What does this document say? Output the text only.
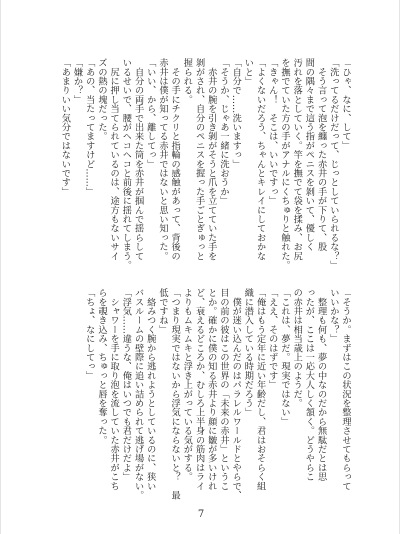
「ひゃ、なに、して」
「洗ってるだけだって、じっとしていられるな？」
　そう言って泡を纏った赤井の手が下りて、股
間の隅々まで這う指がペニスを剝いて、優しく
汚れを落としていく。竿を撫でて袋を揉み、お尻
を撫でていた方の手がアナルにくちゅりと触れた。
「きゃん！　そこは、いいですっ」
「よくないだろう、ちゃんとキレイにしておかな
いと」
「自分で……洗いますっ」
「そうか、じゃあ一緒に洗おうか」
　赤井の腕を引き剝がそうと爪を立てていた手を
剝がされ、自分のペニスを握った手ごとぎゅっと
握られる。
　その手にチクリと指輪の感触があって、背後の
赤井は僕が知ってる赤井ではないと思い知った。
「いい、から、離してっ」
　自分の両手で出来た筒を赤井が掴んで揺らして
いるせいで、腰がヘコヘコと前後に揺れてしまう。
　尻に押し当てられているのは、途方もないサイ
ズの熱の塊だった。
「あの、当たってますけど……」
「嫌か？」
「あまりいい気分ではないです」
「そうか。まずはこの状況を整理させてもらって
いいかな？」
　整理も何も、夢の中なのだから無駄だとは思
ったが、ここは一応大人しく頷く。どうやらこ
の赤井は相当歳上のようだ。
「これは、夢だ。現実ではない」
「ええ、そのはずです」
「俺はもう定年に近い年齢だし、君はおそらく組
織に潜入している時期だろう」
　僕が迷い込んだのはパラレルワールドとやらで、
目の前の彼はこの世界の「未来の赤井」というこ
とか。確かに僕の知る赤井より顔に皺が多いけれ
ど、衰えるどころか、むしろ上半身の筋肉はライ
よりもムキムキと浮き上がっている気がする。
「つまり現実ではないから浮気にならないと？　最
低ですね」
　絡みつく腕から逃れようとしているのに、狭い
バスルームの壁際に追い詰められて逃げ場がない。
「浮気……違うな、俺はいつでも君だけだよ」
　シャワーを手に取り泡を流していた赤井がこち
らを覗き込み、ちゅっと唇を奪った。
「ちょ、なにしてっ」
7
